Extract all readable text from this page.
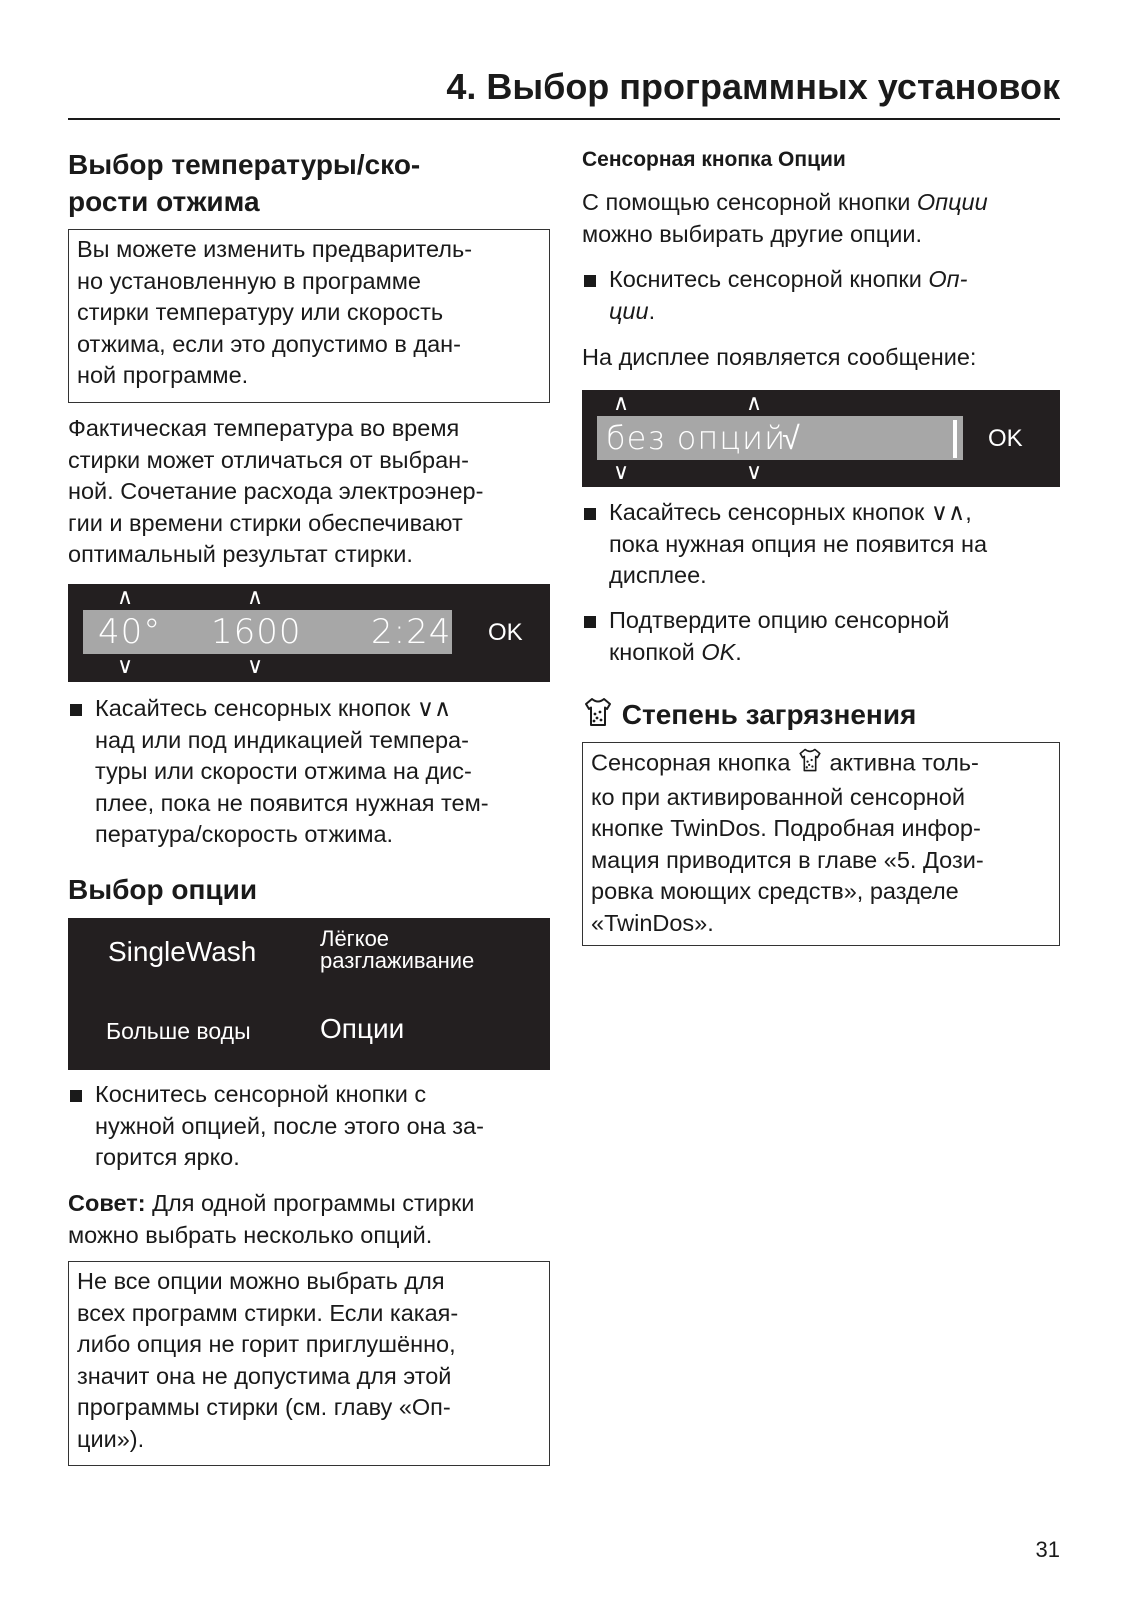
4. Выбор программных установок
Выбор температуры/ско-
рости отжима
Вы можете изменить предваритель-
но установленную в программе
стирки температуру или скорость
отжима, если это допустимо в дан-
ной программе.
Фактическая температура во время
стирки может отличаться от выбран-
ной. Сочетание расхода электроэнер-
гии и времени стирки обеспечивают
оптимальный результат стирки.
∧	∧
40° 1600 2:24
∨	∨
OK
Касайтесь сенсорных кнопок ∨∧
над или под индикацией темпера-
туры или скорости отжима на дис-
плее, пока не появится нужная тем-
пература/скорость отжима.
Выбор опции
SingleWash	Лёгкое
разглаживание
Больше воды Опции
Коснитесь сенсорной кнопки с
нужной опцией, после этого она за-
горится ярко.
Совет: Для одной программы стирки
можно выбрать несколько опций.
Не все опции можно выбрать для
всех программ стирки. Если какая-
либо опция не горит приглушённо,
значит она не допустима для этой
программы стирки (см. главу «Оп-
ции»).
Сенсорная кнопка Опции
С помощью сенсорной кнопки Опции
можно выбирать другие опции.
Коснитесь сенсорной кнопки Оп-
ции.
На дисплее появляется сообщение:
∧	∧
без опций√
∨	∨
OK
Касайтесь сенсорных кнопок ∨∧,
пока нужная опция не появится на
дисплее.
Подтвердите опцию сенсорной
кнопкой OK.
Степень загрязнения
Сенсорная кнопка  активна толь-
ко при активированной сенсорной
кнопке TwinDos. Подробная инфор-
мация приводится в главе «5. Дози-
ровка моющих средств», разделе
«TwinDos».
31
